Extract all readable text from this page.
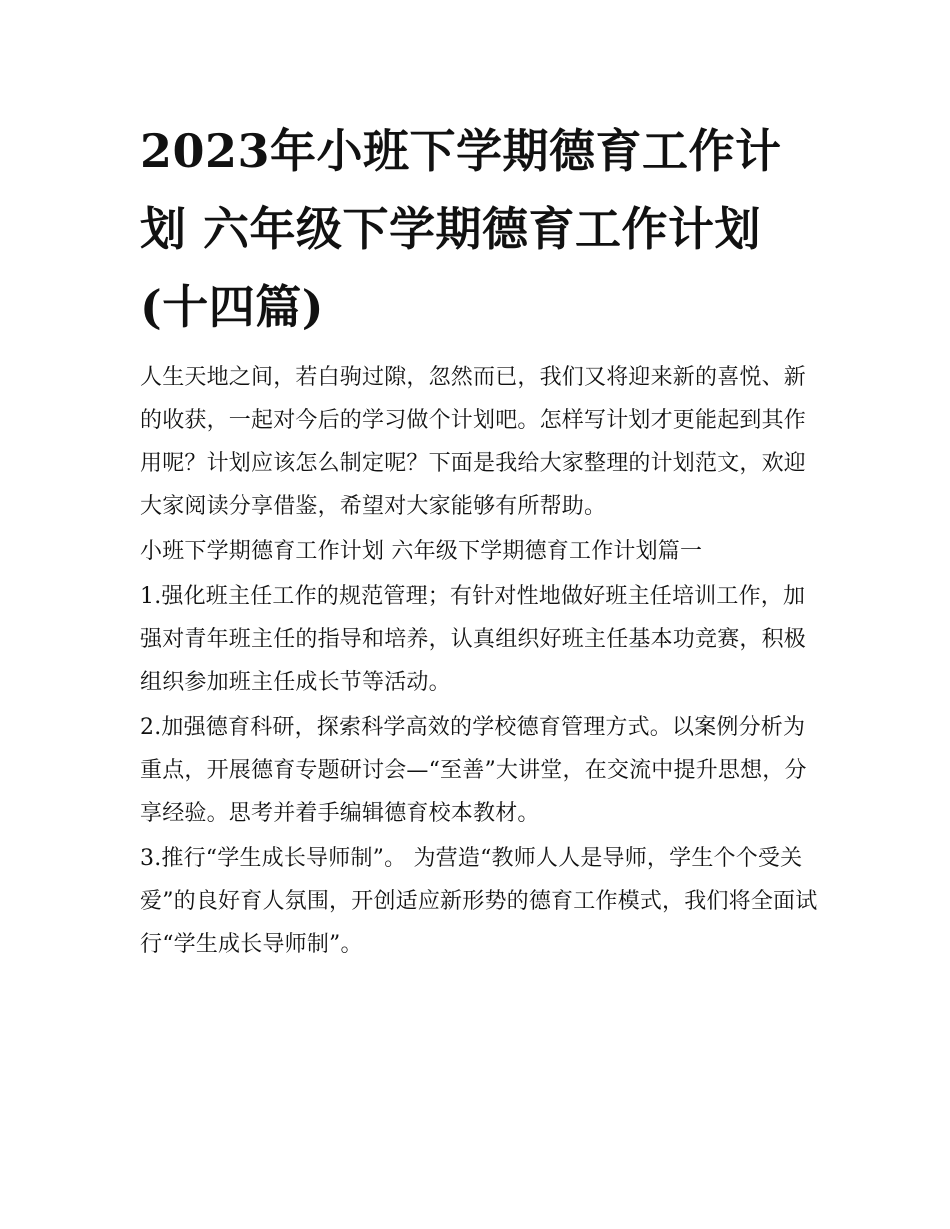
2023年小班下学期德育工作计划 六年级下学期德育工作计划(十四篇)

人生天地之间，若白驹过隙，忽然而已，我们又将迎来新的喜悦、新的收获，一起对今后的学习做个计划吧。怎样写计划才更能起到其作用呢？计划应该怎么制定呢？下面是我给大家整理的计划范文，欢迎大家阅读分享借鉴，希望对大家能够有所帮助。

小班下学期德育工作计划 六年级下学期德育工作计划篇一

1.强化班主任工作的规范管理；有针对性地做好班主任培训工作，加强对青年班主任的指导和培养，认真组织好班主任基本功竞赛，积极组织参加班主任成长节等活动。

2.加强德育科研，探索科学高效的学校德育管理方式。以案例分析为重点，开展德育专题研讨会—“至善”大讲堂，在交流中提升思想，分享经验。思考并着手编辑德育校本教材。

3.推行“学生成长导师制”。 为营造“教师人人是导师，学生个个受关爱”的良好育人氛围，开创适应新形势的德育工作模式，我们将全面试行“学生成长导师制”。
